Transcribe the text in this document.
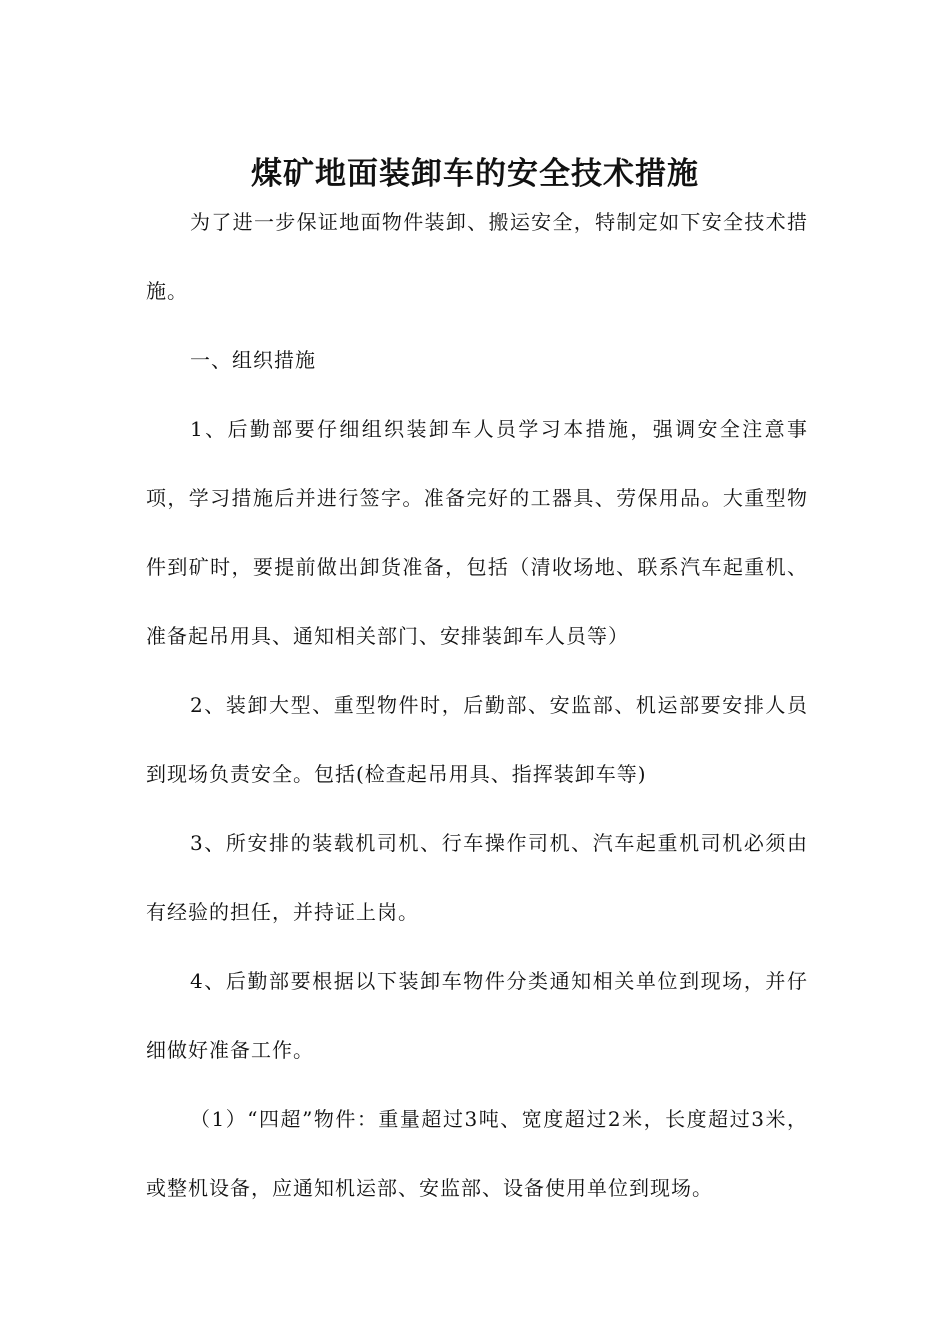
煤矿地面装卸车的安全技术措施

为了进一步保证地面物件装卸、搬运安全，特制定如下安全技术措施。

一、组织措施

1、后勤部要仔细组织装卸车人员学习本措施，强调安全注意事项，学习措施后并进行签字。准备完好的工器具、劳保用品。大重型物件到矿时，要提前做出卸货准备，包括（清收场地、联系汽车起重机、准备起吊用具、通知相关部门、安排装卸车人员等）

2、装卸大型、重型物件时，后勤部、安监部、机运部要安排人员到现场负责安全。包括(检查起吊用具、指挥装卸车等)

3、所安排的装载机司机、行车操作司机、汽车起重机司机必须由有经验的担任，并持证上岗。

4、后勤部要根据以下装卸车物件分类通知相关单位到现场，并仔细做好准备工作。

（1）“四超”物件：重量超过3吨、宽度超过2米，长度超过3米，或整机设备，应通知机运部、安监部、设备使用单位到现场。
